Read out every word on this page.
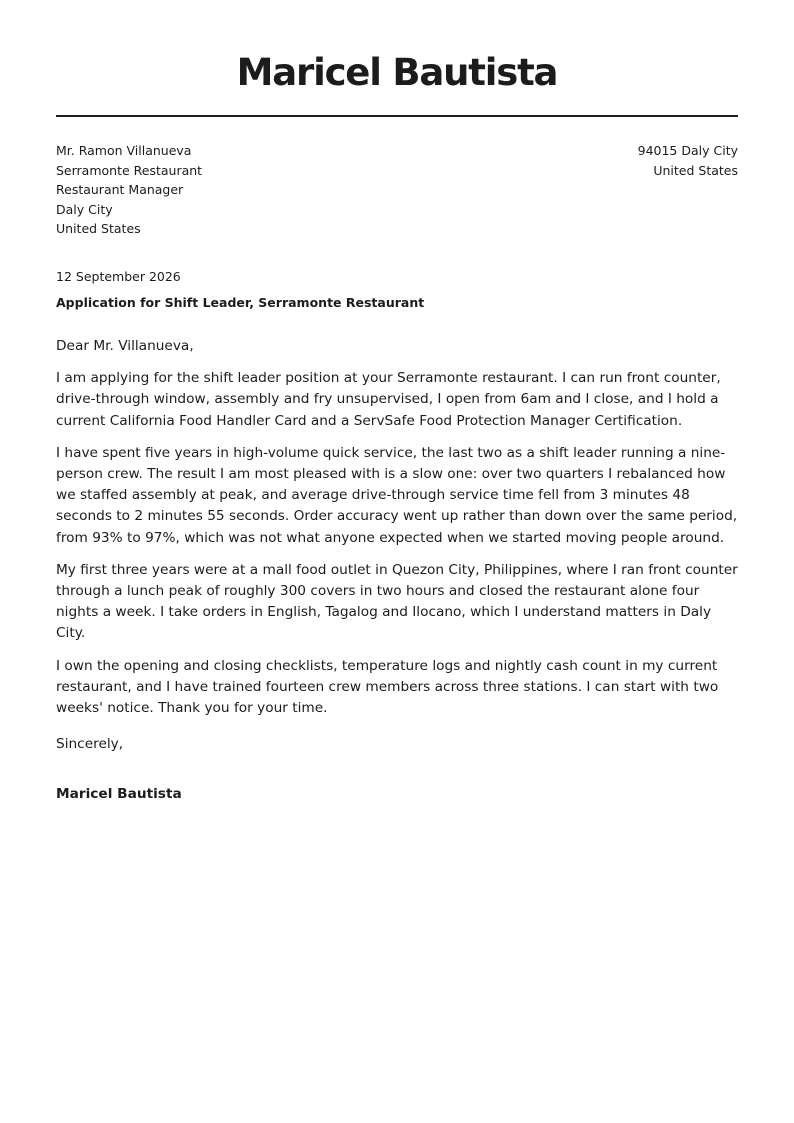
Maricel Bautista
Mr. Ramon Villanueva
Serramonte Restaurant
Restaurant Manager
Daly City
United States
94015 Daly City
United States
12 September 2026
Application for Shift Leader, Serramonte Restaurant

Dear Mr. Villanueva,

I am applying for the shift leader position at your Serramonte restaurant. I can run front counter, drive-through window, assembly and fry unsupervised, I open from 6am and I close, and I hold a current California Food Handler Card and a ServSafe Food Protection Manager Certification.

I have spent five years in high-volume quick service, the last two as a shift leader running a nine-person crew. The result I am most pleased with is a slow one: over two quarters I rebalanced how we staffed assembly at peak, and average drive-through service time fell from 3 minutes 48 seconds to 2 minutes 55 seconds. Order accuracy went up rather than down over the same period, from 93% to 97%, which was not what anyone expected when we started moving people around.

My first three years were at a mall food outlet in Quezon City, Philippines, where I ran front counter through a lunch peak of roughly 300 covers in two hours and closed the restaurant alone four nights a week. I take orders in English, Tagalog and Ilocano, which I understand matters in Daly City.

I own the opening and closing checklists, temperature logs and nightly cash count in my current restaurant, and I have trained fourteen crew members across three stations. I can start with two weeks' notice. Thank you for your time.

Sincerely,
Maricel Bautista
